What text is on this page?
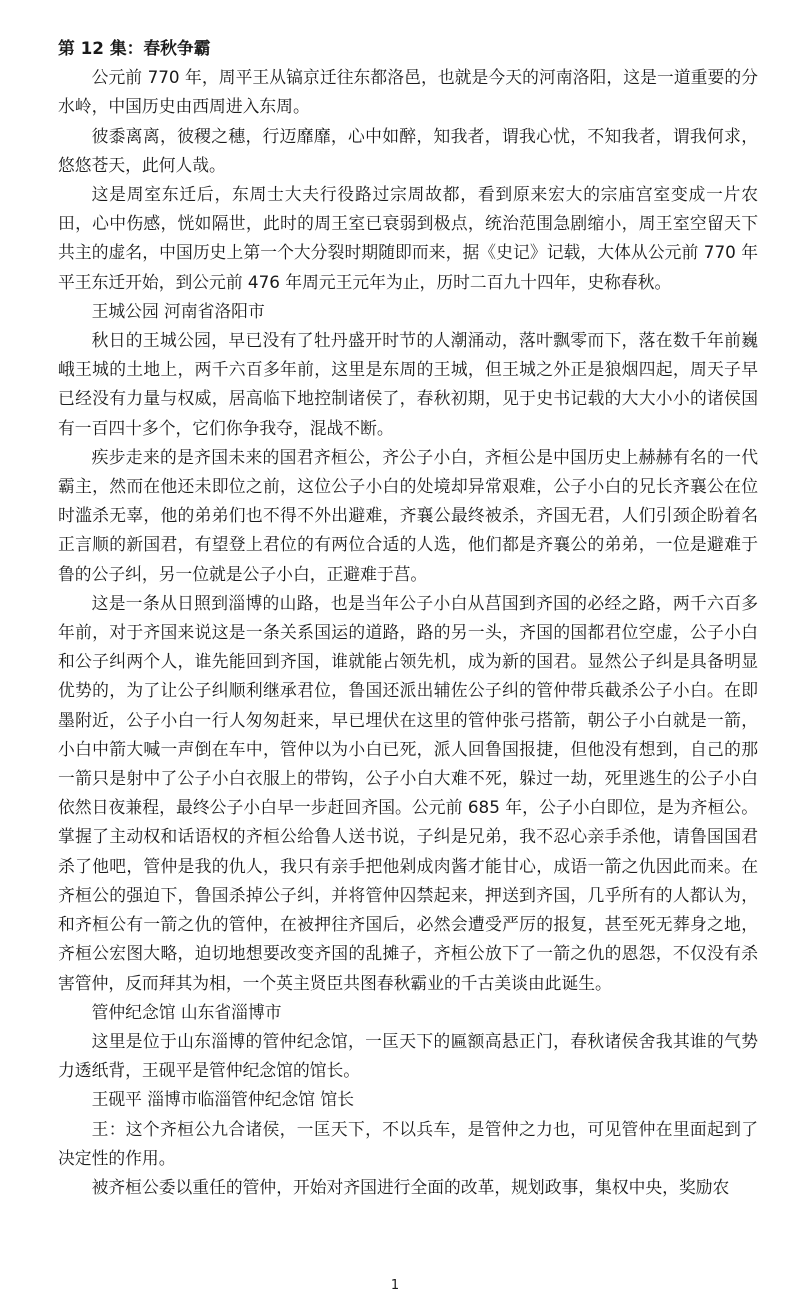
第 12 集：春秋争霸

公元前 770 年，周平王从镐京迁往东都洛邑，也就是今天的河南洛阳，这是一道重要的分水岭，中国历史由西周进入东周。

彼黍离离，彼稷之穗，行迈靡靡，心中如醉，知我者，谓我心忧，不知我者，谓我何求，悠悠苍天，此何人哉。

这是周室东迁后，东周士大夫行役路过宗周故都，看到原来宏大的宗庙宫室变成一片农田，心中伤感，恍如隔世，此时的周王室已衰弱到极点，统治范围急剧缩小，周王室空留天下共主的虚名，中国历史上第一个大分裂时期随即而来，据《史记》记载，大体从公元前 770 年平王东迁开始，到公元前 476 年周元王元年为止，历时二百九十四年，史称春秋。

王城公园 河南省洛阳市

秋日的王城公园，早已没有了牡丹盛开时节的人潮涌动，落叶飘零而下，落在数千年前巍峨王城的土地上，两千六百多年前，这里是东周的王城，但王城之外正是狼烟四起，周天子早已经没有力量与权威，居高临下地控制诸侯了，春秋初期，见于史书记载的大大小小的诸侯国有一百四十多个，它们你争我夺，混战不断。

疾步走来的是齐国未来的国君齐桓公，齐公子小白，齐桓公是中国历史上赫赫有名的一代霸主，然而在他还未即位之前，这位公子小白的处境却异常艰难，公子小白的兄长齐襄公在位时滥杀无辜，他的弟弟们也不得不外出避难，齐襄公最终被杀，齐国无君，人们引颈企盼着名正言顺的新国君，有望登上君位的有两位合适的人选，他们都是齐襄公的弟弟，一位是避难于鲁的公子纠，另一位就是公子小白，正避难于莒。

这是一条从日照到淄博的山路，也是当年公子小白从莒国到齐国的必经之路，两千六百多年前，对于齐国来说这是一条关系国运的道路，路的另一头，齐国的国都君位空虚，公子小白和公子纠两个人，谁先能回到齐国，谁就能占领先机，成为新的国君。显然公子纠是具备明显优势的，为了让公子纠顺利继承君位，鲁国还派出辅佐公子纠的管仲带兵截杀公子小白。在即墨附近，公子小白一行人匆匆赶来，早已埋伏在这里的管仲张弓搭箭，朝公子小白就是一箭，小白中箭大喊一声倒在车中，管仲以为小白已死，派人回鲁国报捷，但他没有想到，自己的那一箭只是射中了公子小白衣服上的带钩，公子小白大难不死，躲过一劫，死里逃生的公子小白依然日夜兼程，最终公子小白早一步赶回齐国。公元前 685 年，公子小白即位，是为齐桓公。掌握了主动权和话语权的齐桓公给鲁人送书说，子纠是兄弟，我不忍心亲手杀他，请鲁国国君杀了他吧，管仲是我的仇人，我只有亲手把他剁成肉酱才能甘心，成语一箭之仇因此而来。在齐桓公的强迫下，鲁国杀掉公子纠，并将管仲囚禁起来，押送到齐国，几乎所有的人都认为，和齐桓公有一箭之仇的管仲，在被押往齐国后，必然会遭受严厉的报复，甚至死无葬身之地，齐桓公宏图大略，迫切地想要改变齐国的乱摊子，齐桓公放下了一箭之仇的恩怨，不仅没有杀害管仲，反而拜其为相，一个英主贤臣共图春秋霸业的千古美谈由此诞生。

管仲纪念馆 山东省淄博市

这里是位于山东淄博的管仲纪念馆，一匡天下的匾额高悬正门，春秋诸侯舍我其谁的气势力透纸背，王砚平是管仲纪念馆的馆长。

王砚平 淄博市临淄管仲纪念馆 馆长

王：这个齐桓公九合诸侯，一匡天下，不以兵车，是管仲之力也，可见管仲在里面起到了决定性的作用。

被齐桓公委以重任的管仲，开始对齐国进行全面的改革，规划政事，集权中央，奖励农

1
